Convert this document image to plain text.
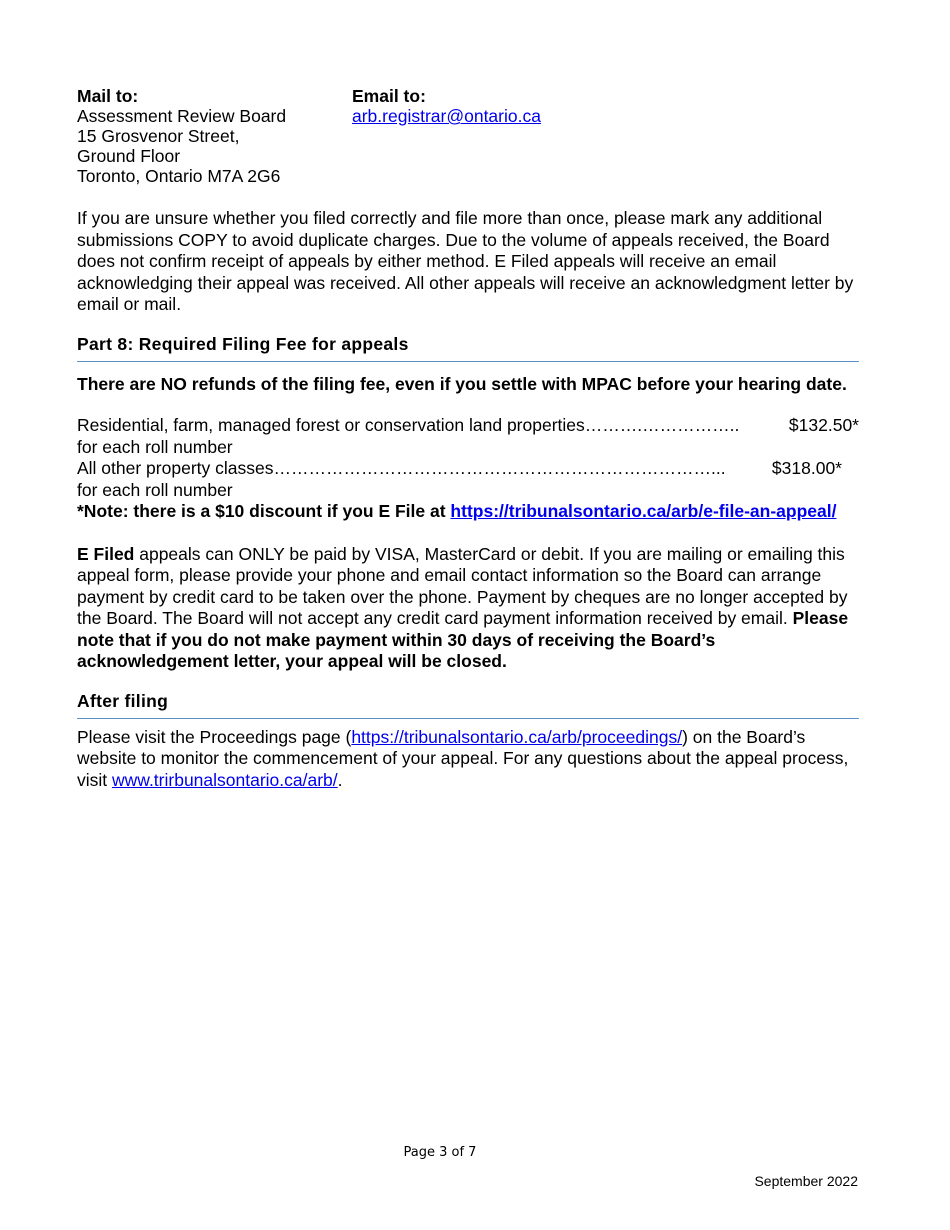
Mail to:
Assessment Review Board
15 Grosvenor Street,
Ground Floor
Toronto, Ontario M7A 2G6
Email to:
arb.registrar@ontario.ca

If you are unsure whether you filed correctly and file more than once, please mark any additional submissions COPY to avoid duplicate charges. Due to the volume of appeals received, the Board does not confirm receipt of appeals by either method. E Filed appeals will receive an email acknowledging their appeal was received. All other appeals will receive an acknowledgment letter by email or mail.

Part 8: Required Filing Fee for appeals

There are NO refunds of the filing fee, even if you settle with MPAC before your hearing date.

Residential, farm, managed forest or conservation land properties ……….……………..	$132.50*
for each roll number
All other property classes …………………………………………………………………...	$318.00*
for each roll number
*Note: there is a $10 discount if you E File at https://tribunalsontario.ca/arb/e-file-an-appeal/

E Filed appeals can ONLY be paid by VISA, MasterCard or debit. If you are mailing or emailing this appeal form, please provide your phone and email contact information so the Board can arrange payment by credit card to be taken over the phone. Payment by cheques are no longer accepted by the Board. The Board will not accept any credit card payment information received by email. Please note that if you do not make payment within 30 days of receiving the Board’s acknowledgement letter, your appeal will be closed.

After filing

Please visit the Proceedings page (https://tribunalsontario.ca/arb/proceedings/) on the Board’s website to monitor the commencement of your appeal. For any questions about the appeal process, visit www.trirbunalsontario.ca/arb/.

Page 3 of 7
September 2022
